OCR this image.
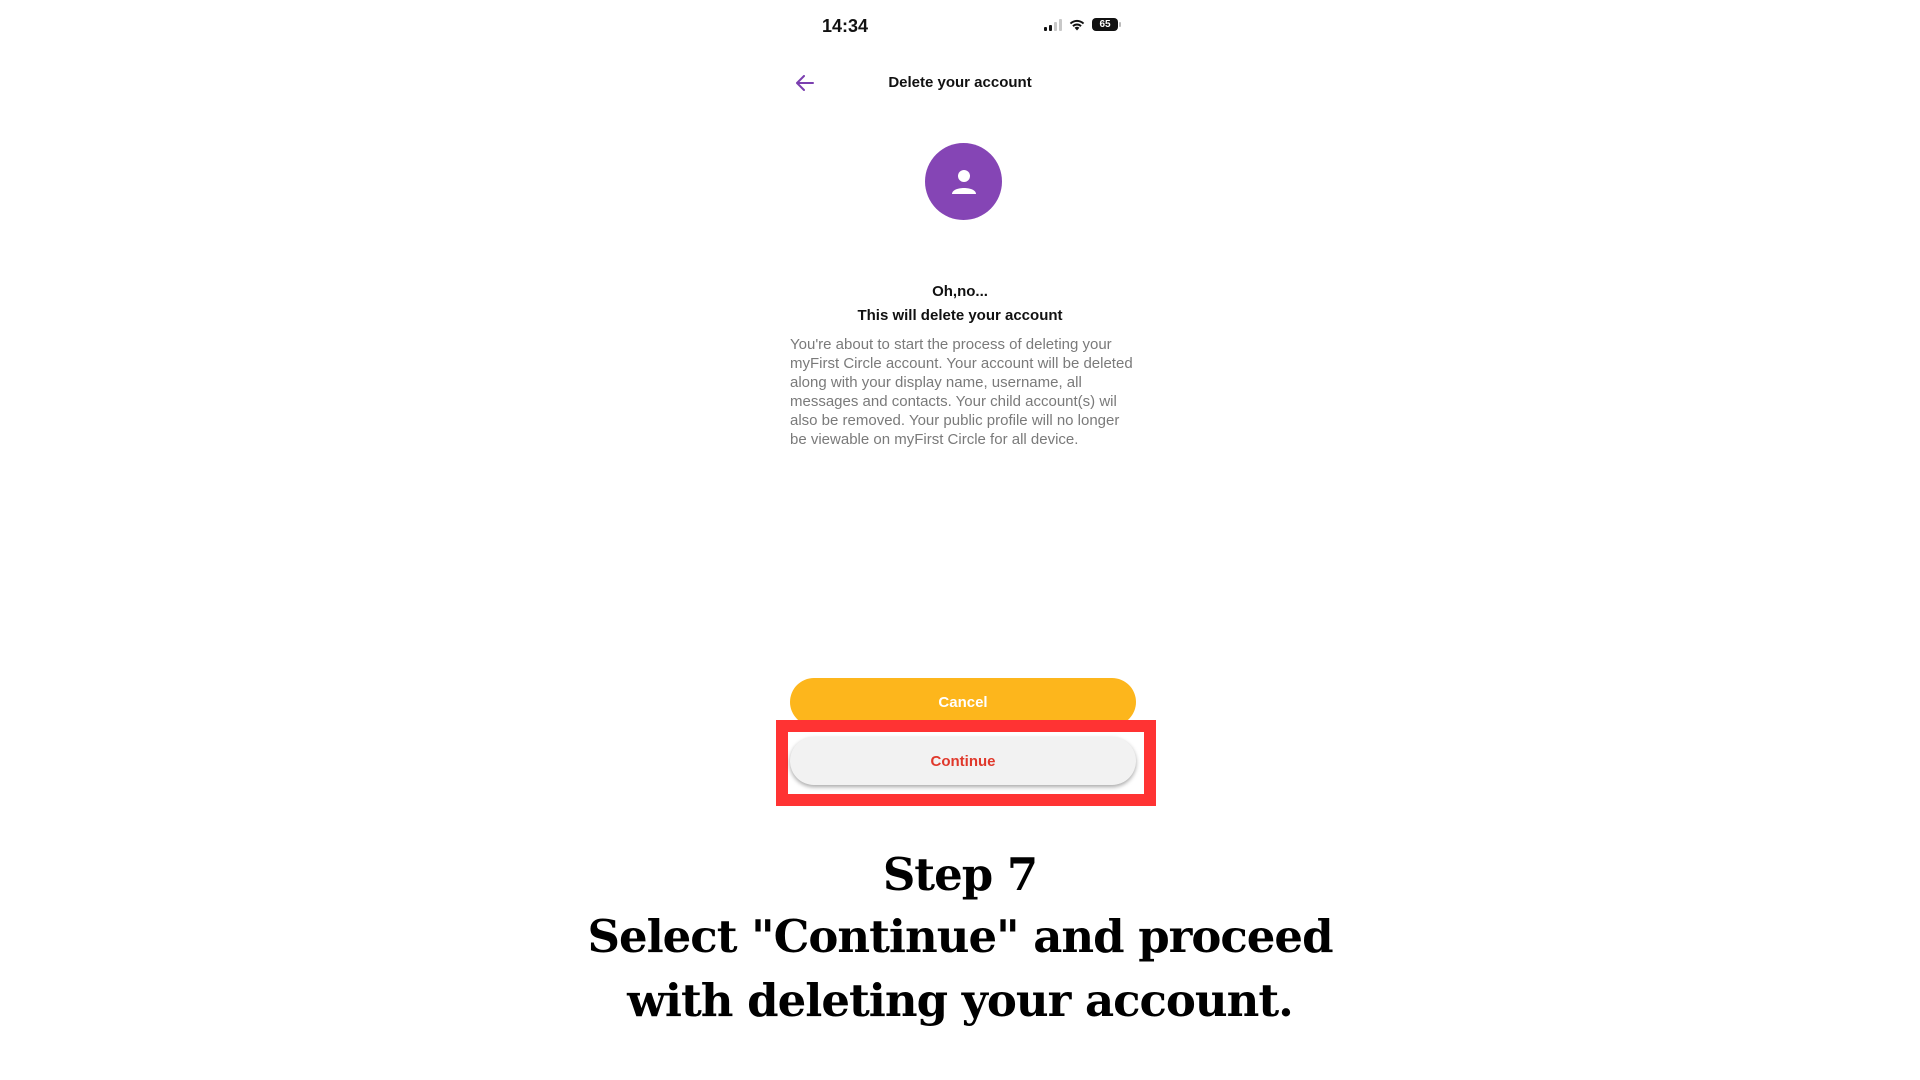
14:34	65
Delete your account
Oh,no...
This will delete your account
You're about to start the process of deleting your myFirst Circle account. Your account will be deleted along with your display name, username, all messages and contacts. Your child account(s) wil also be removed. Your public profile will no longer be viewable on myFirst Circle for all device.
Cancel
Continue
Step 7
Select "Continue" and proceed
with deleting your account.
